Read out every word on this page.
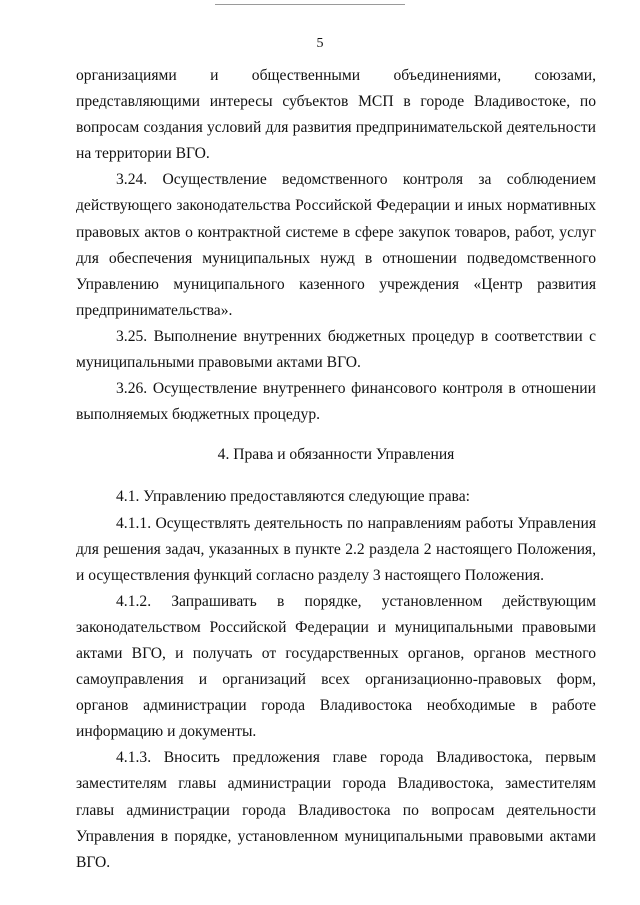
5

организациями и общественными объединениями, союзами, представляющими интересы субъектов МСП в городе Владивостоке, по вопросам создания условий для развития предпринимательской деятельности на территории ВГО.

3.24. Осуществление ведомственного контроля за соблюдением действующего законодательства Российской Федерации и иных нормативных правовых актов о контрактной системе в сфере закупок товаров, работ, услуг для обеспечения муниципальных нужд в отношении подведомственного Управлению муниципального казенного учреждения «Центр развития предпринимательства».

3.25. Выполнение внутренних бюджетных процедур в соответствии с муниципальными правовыми актами ВГО.

3.26. Осуществление внутреннего финансового контроля в отношении выполняемых бюджетных процедур.

4. Права и обязанности Управления

4.1. Управлению предоставляются следующие права:

4.1.1. Осуществлять деятельность по направлениям работы Управления для решения задач, указанных в пункте 2.2 раздела 2 настоящего Положения, и осуществления функций согласно разделу 3 настоящего Положения.

4.1.2. Запрашивать в порядке, установленном действующим законодательством Российской Федерации и муниципальными правовыми актами ВГО, и получать от государственных органов, органов местного самоуправления и организаций всех организационно-правовых форм, органов администрации города Владивостока необходимые в работе информацию и документы.

4.1.3. Вносить предложения главе города Владивостока, первым заместителям главы администрации города Владивостока, заместителям главы администрации города Владивостока по вопросам деятельности Управления в порядке, установленном муниципальными правовыми актами ВГО.
